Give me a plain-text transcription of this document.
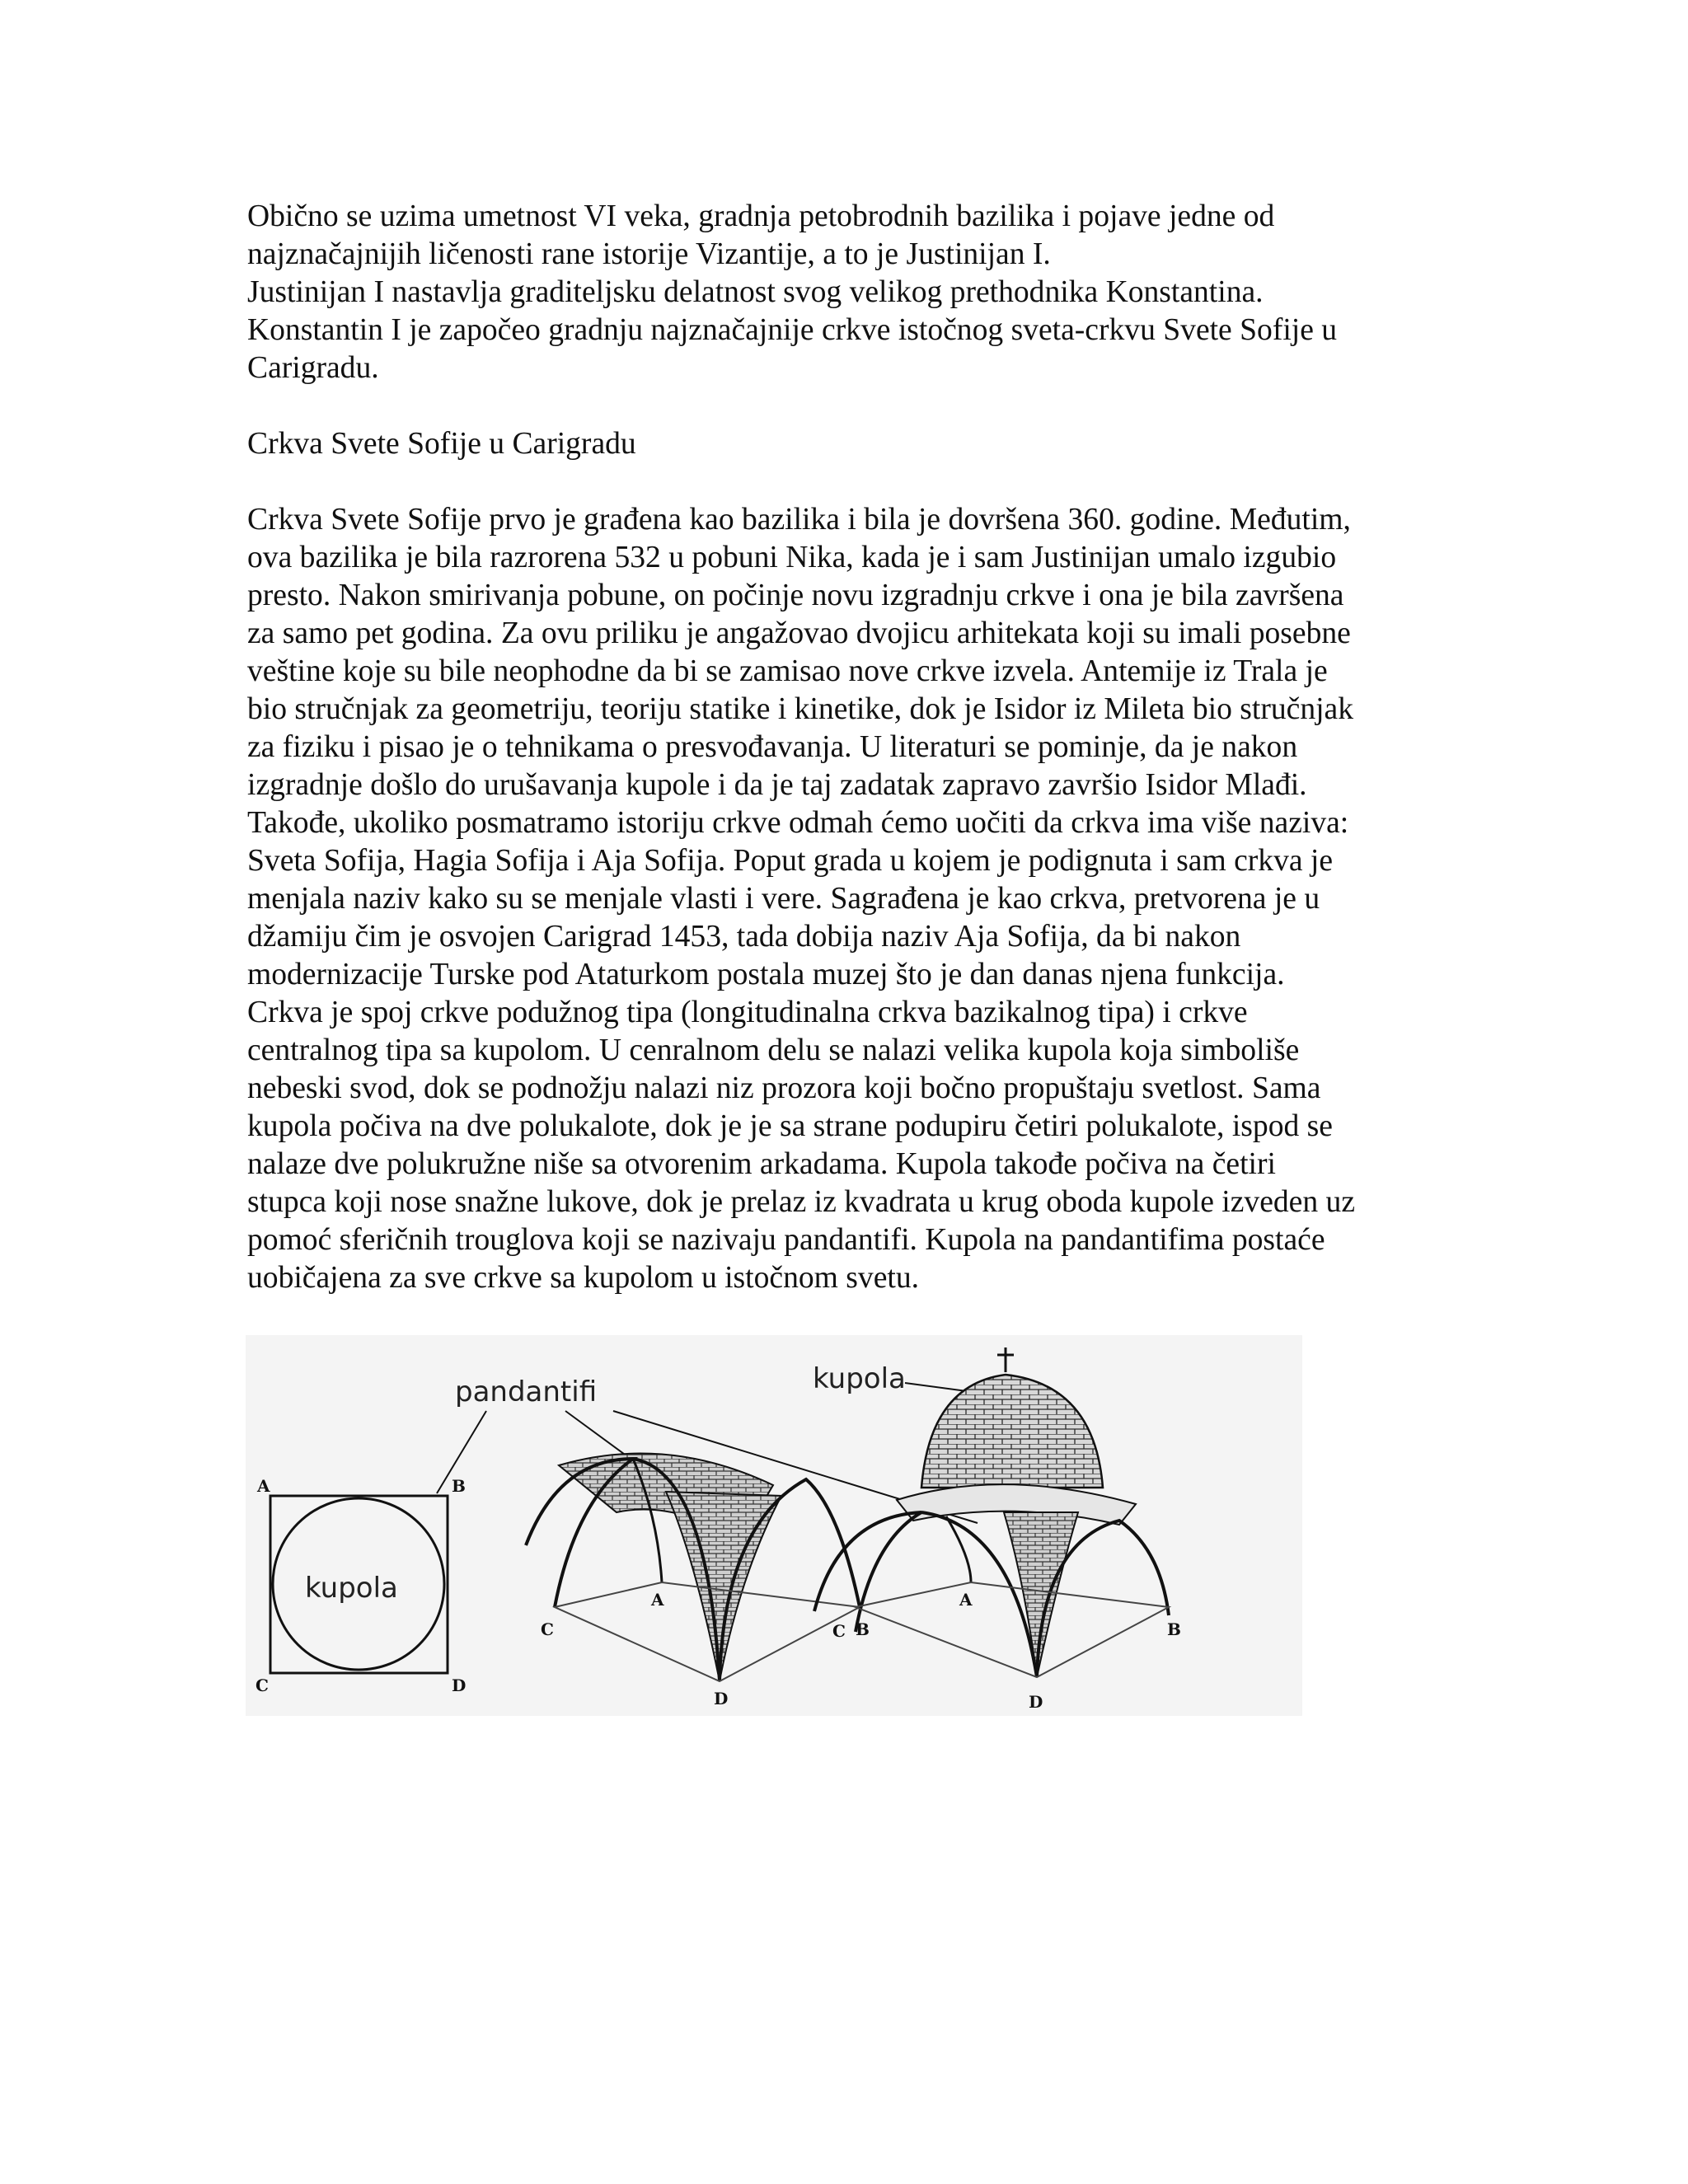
Obično se uzima umetnost VI veka, gradnja petobrodnih bazilika i pojave jedne od

najznačajnijih ličenosti rane istorije Vizantije, a to je Justinijan I.

Justinijan I nastavlja graditeljsku delatnost svog velikog prethodnika Konstantina.

Konstantin I je započeo gradnju najznačajnije crkve istočnog sveta-crkvu Svete Sofije u

Carigradu.

Crkva Svete Sofije u Carigradu

Crkva Svete Sofije prvo je građena kao bazilika i bila je dovršena 360. godine. Međutim,

ova bazilika je bila razrorena 532 u pobuni Nika, kada je i sam Justinijan umalo izgubio

presto. Nakon smirivanja pobune, on počinje novu izgradnju crkve i ona je bila završena

za samo pet godina. Za ovu priliku je angažovao dvojicu arhitekata koji su imali posebne

veštine koje su bile neophodne da bi se zamisao nove crkve izvela. Antemije iz Trala je

bio stručnjak za geometriju, teoriju statike i kinetike, dok je Isidor iz Mileta bio stručnjak

za fiziku i pisao je o tehnikama o presvođavanja. U literaturi se pominje, da je nakon

izgradnje došlo do urušavanja kupole i da je taj zadatak zapravo završio Isidor Mlađi.

Takođe, ukoliko posmatramo istoriju crkve odmah ćemo uočiti da crkva ima više naziva:

Sveta Sofija, Hagia Sofija i Aja Sofija. Poput grada u kojem je podignuta i sam crkva je

menjala naziv kako su se menjale vlasti i vere. Sagrađena je kao crkva, pretvorena je u

džamiju čim je osvojen Carigrad 1453, tada dobija naziv Aja Sofija, da bi nakon

modernizacije Turske pod Ataturkom postala muzej što je dan danas njena funkcija.

Crkva je spoj crkve podužnog tipa (longitudinalna crkva bazikalnog tipa) i crkve

centralnog tipa sa kupolom. U cenralnom delu se nalazi velika kupola koja simboliše

nebeski svod, dok se podnožju nalazi niz prozora koji bočno propuštaju svetlost. Sama

kupola počiva na dve polukalote, dok je je sa strane podupiru četiri polukalote, ispod se

nalaze dve polukružne niše sa otvorenim arkadama. Kupola takođe počiva na četiri

stupca koji nose snažne lukove, dok je prelaz iz kvadrata u krug oboda kupole izveden uz

pomoć sferičnih trouglova koji se nazivaju pandantifi. Kupola na pandantifima postaće

uobičajena za sve crkve sa kupolom u istočnom svetu.

A	B
C	D
kupola
pandantifi	kupola
A
B
C
D
A
B
C
D
